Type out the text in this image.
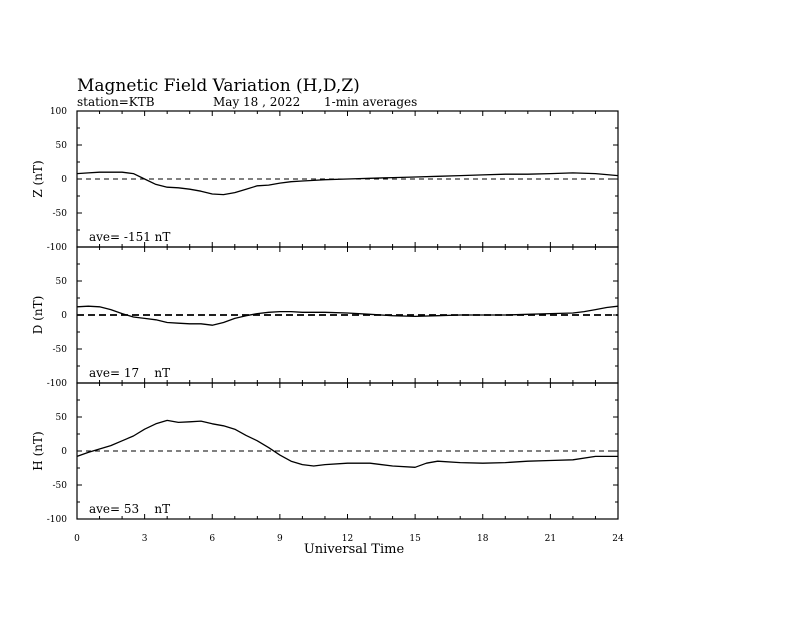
Magnetic Field Variation (H,D,Z)
station=KTB	May 18 , 2022 1-min averages
-100
-50
0
50
100
Z (nT)
ave= -151 nT
-100
-50
0
50
D (nT)
ave= 17    nT
-100
-50
0
50
H (nT)
ave= 53    nT
0	3	6	9	12	15	18	21	24
Universal Time
